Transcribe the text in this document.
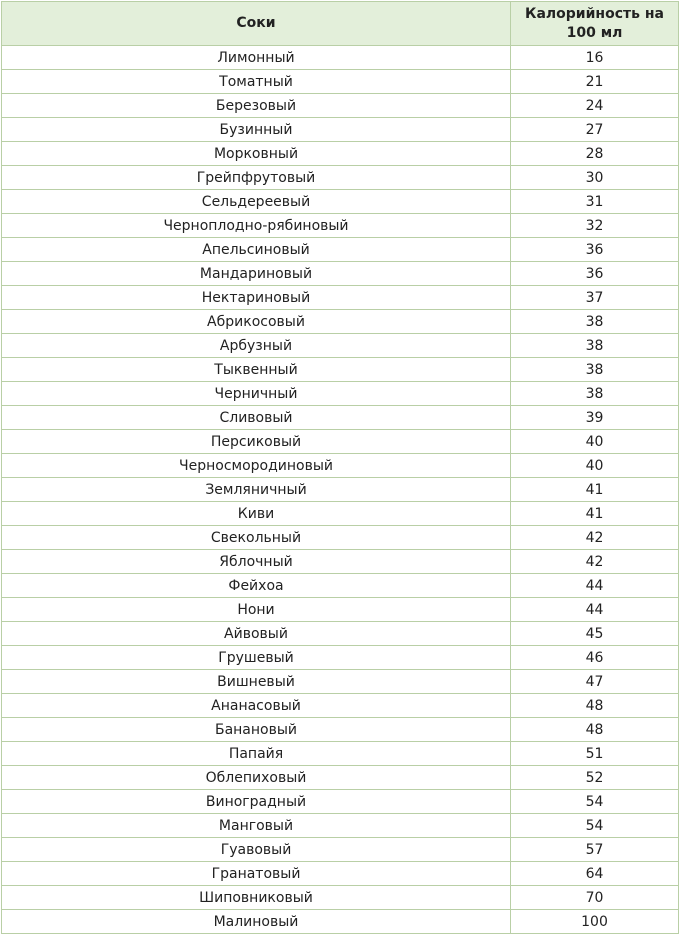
Соки	Калорийность на 100 мл
Лимонный	16
Томатный	21
Березовый	24
Бузинный	27
Морковный	28
Грейпфрутовый	30
Сельдереевый	31
Черноплодно-рябиновый	32
Апельсиновый	36
Мандариновый	36
Нектариновый	37
Абрикосовый	38
Арбузный	38
Тыквенный	38
Черничный	38
Сливовый	39
Персиковый	40
Черносмородиновый	40
Земляничный	41
Киви	41
Свекольный	42
Яблочный	42
Фейхоа	44
Нони	44
Айвовый	45
Грушевый	46
Вишневый	47
Ананасовый	48
Банановый	48
Папайя	51
Облепиховый	52
Виноградный	54
Манговый	54
Гуавовый	57
Гранатовый	64
Шиповниковый	70
Малиновый	100
